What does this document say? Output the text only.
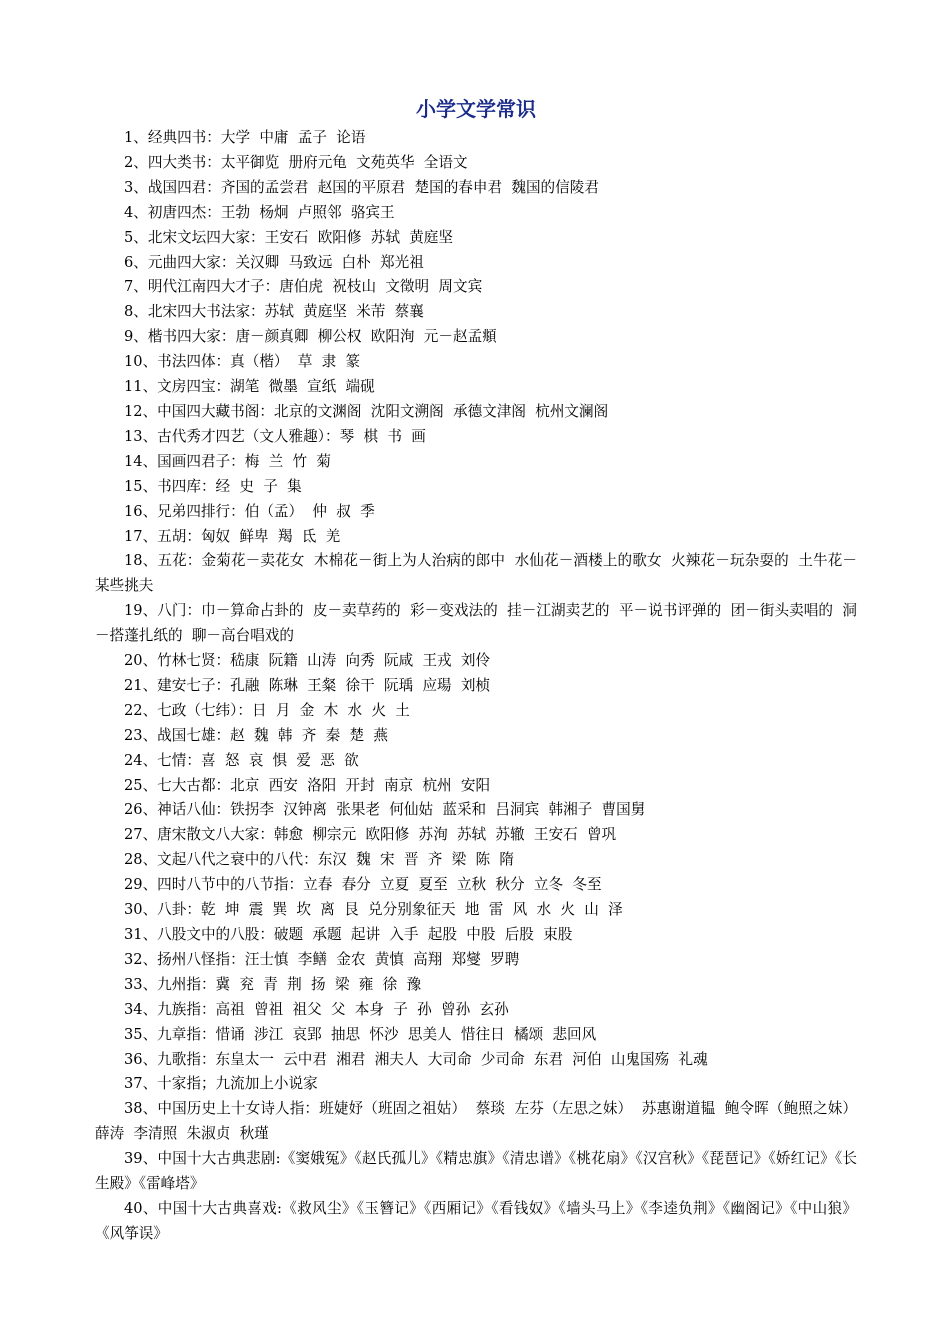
小学文学常识
1、经典四书：大学  中庸  孟子  论语
2、四大类书：太平御览  册府元龟  文苑英华  全语文
3、战国四君：齐国的孟尝君  赵国的平原君  楚国的春申君  魏国的信陵君
4、初唐四杰：王勃  杨炯  卢照邻  骆宾王
5、北宋文坛四大家：王安石  欧阳修  苏轼  黄庭坚
6、元曲四大家：关汉卿  马致远  白朴  郑光祖
7、明代江南四大才子：唐伯虎  祝枝山  文徵明  周文宾
8、北宋四大书法家：苏轼  黄庭坚  米芾  蔡襄
9、楷书四大家：唐－颜真卿  柳公权  欧阳洵  元－赵孟頫
10、书法四体：真（楷）  草  隶  篆
11、文房四宝：湖笔  微墨  宣纸  端砚
12、中国四大藏书阁：北京的文渊阁  沈阳文溯阁  承德文津阁  杭州文澜阁
13、古代秀才四艺（文人雅趣）：琴  棋  书  画
14、国画四君子：梅  兰  竹  菊
15、书四库：经  史  子  集
16、兄弟四排行：伯（孟）  仲  叔  季
17、五胡：匈奴  鲜卑  羯  氐  羌
18、五花：金菊花－卖花女  木棉花－街上为人治病的郎中  水仙花－酒楼上的歌女  火辣花－玩杂耍的  土牛花－某些挑夫
19、八门：巾－算命占卦的  皮－卖草药的  彩－变戏法的  挂－江湖卖艺的  平－说书评弹的  团－街头卖唱的  洞－搭蓬扎纸的  聊－高台唱戏的
20、竹林七贤：嵇康  阮籍  山涛  向秀  阮咸  王戎  刘伶
21、建安七子：孔融  陈琳  王粲  徐干  阮瑀  应瑒  刘桢
22、七政（七纬）：日  月  金  木  水  火  土
23、战国七雄：赵  魏  韩  齐  秦  楚  燕
24、七情：喜  怒  哀  惧  爱  恶  欲
25、七大古都：北京  西安  洛阳  开封  南京  杭州  安阳
26、神话八仙：铁拐李  汉钟离  张果老  何仙姑  蓝采和  吕洞宾  韩湘子  曹国舅
27、唐宋散文八大家：韩愈  柳宗元  欧阳修  苏洵  苏轼  苏辙  王安石  曾巩
28、文起八代之衰中的八代：东汉  魏  宋  晋  齐  梁  陈  隋
29、四时八节中的八节指：立春  春分  立夏  夏至  立秋  秋分  立冬  冬至
30、八卦：乾  坤  震  巽  坎  离  艮  兑分别象征天  地  雷  风  水  火  山  泽
31、八股文中的八股：破题  承题  起讲  入手  起股  中股  后股  束股
32、扬州八怪指：汪士慎  李鳝  金农  黄慎  高翔  郑燮  罗聘
33、九州指：冀  兖  青  荆  扬  梁  雍  徐  豫
34、九族指：高祖  曾祖  祖父  父  本身  子  孙  曾孙  玄孙
35、九章指：惜诵  涉江  哀郢  抽思  怀沙  思美人  惜往日  橘颂  悲回风
36、九歌指：东皇太一  云中君  湘君  湘夫人  大司命  少司命  东君  河伯  山鬼国殇  礼魂
37、十家指；九流加上小说家
38、中国历史上十女诗人指：班婕妤（班固之祖姑）  蔡琰  左芬（左思之妹）  苏惠谢道韫  鲍令晖（鲍照之妹）  薛涛  李清照  朱淑贞  秋瑾
39、中国十大古典悲剧:《窦娥冤》《赵氏孤儿》《精忠旗》《清忠谱》《桃花扇》《汉宫秋》《琵琶记》《娇红记》《长生殿》《雷峰塔》
40、中国十大古典喜戏:《救风尘》《玉簪记》《西厢记》《看钱奴》《墙头马上》《李逵负荆》《幽阁记》《中山狼》《风筝误》
